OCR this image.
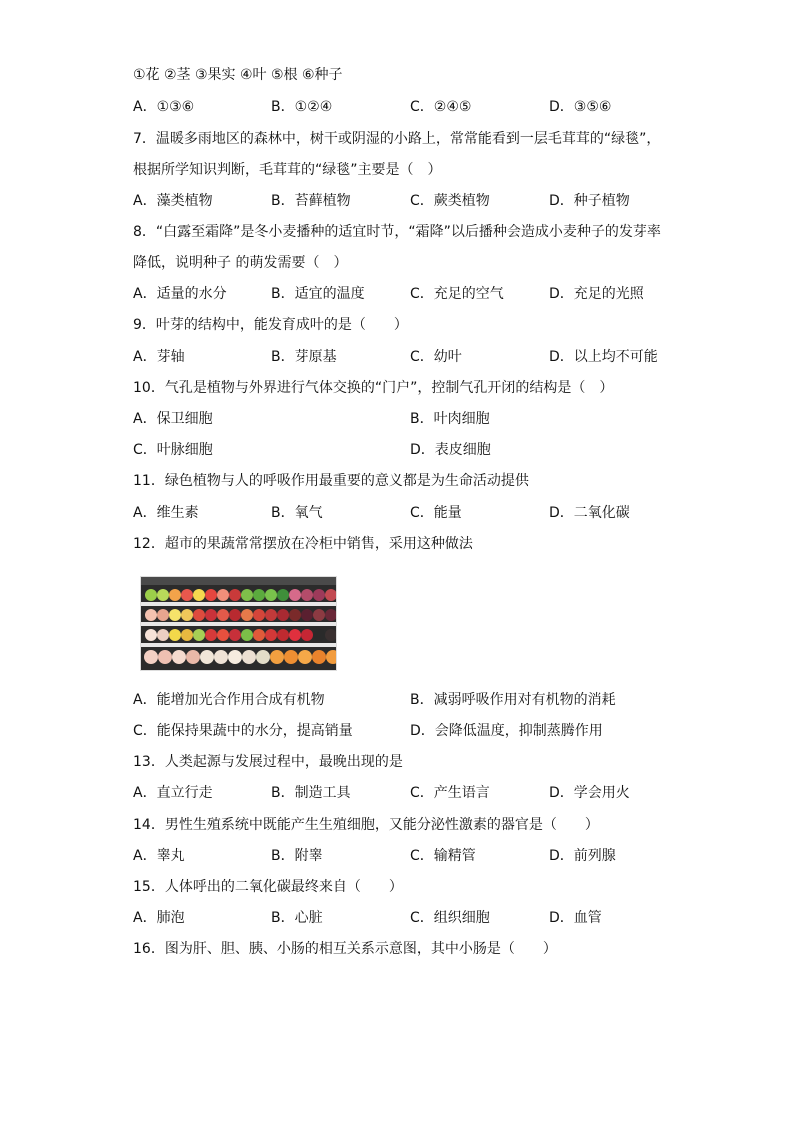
①花 ②茎 ③果实 ④叶 ⑤根 ⑥种子
A．①③⑥	B．①②④	C．②④⑤	D．③⑤⑥
7．温暖多雨地区的森林中，树干或阴湿的小路上，常常能看到一层毛茸茸的“绿毯”，
根据所学知识判断，毛茸茸的“绿毯”主要是（　）
A．藻类植物	B．苔藓植物	C．蕨类植物	D．种子植物
8．“白露至霜降”是冬小麦播种的适宜时节，“霜降”以后播种会造成小麦种子的发芽率
降低，说明种子 的萌发需要（　）
A．适量的水分	B．适宜的温度	C．充足的空气	D．充足的光照
9．叶芽的结构中，能发育成叶的是（　　）
A．芽轴	B．芽原基	C．幼叶	D．以上均不可能
10．气孔是植物与外界进行气体交换的“门户”，控制气孔开闭的结构是（　）
A．保卫细胞	B．叶肉细胞
C．叶脉细胞	D．表皮细胞
11．绿色植物与人的呼吸作用最重要的意义都是为生命活动提供
A．维生素	B．氧气	C．能量	D．二氧化碳
12．超市的果蔬常常摆放在冷柜中销售，采用这种做法
A．能增加光合作用合成有机物	B．减弱呼吸作用对有机物的消耗
C．能保持果蔬中的水分，提高销量	D．会降低温度，抑制蒸腾作用
13．人类起源与发展过程中，最晚出现的是
A．直立行走	B．制造工具	C．产生语言	D．学会用火
14．男性生殖系统中既能产生生殖细胞，又能分泌性激素的器官是（　　）
A．睾丸	B．附睾	C．输精管	D．前列腺
15．人体呼出的二氧化碳最终来自（　　）
A．肺泡	B．心脏	C．组织细胞	D．血管
16．图为肝、胆、胰、小肠的相互关系示意图，其中小肠是（　　）
